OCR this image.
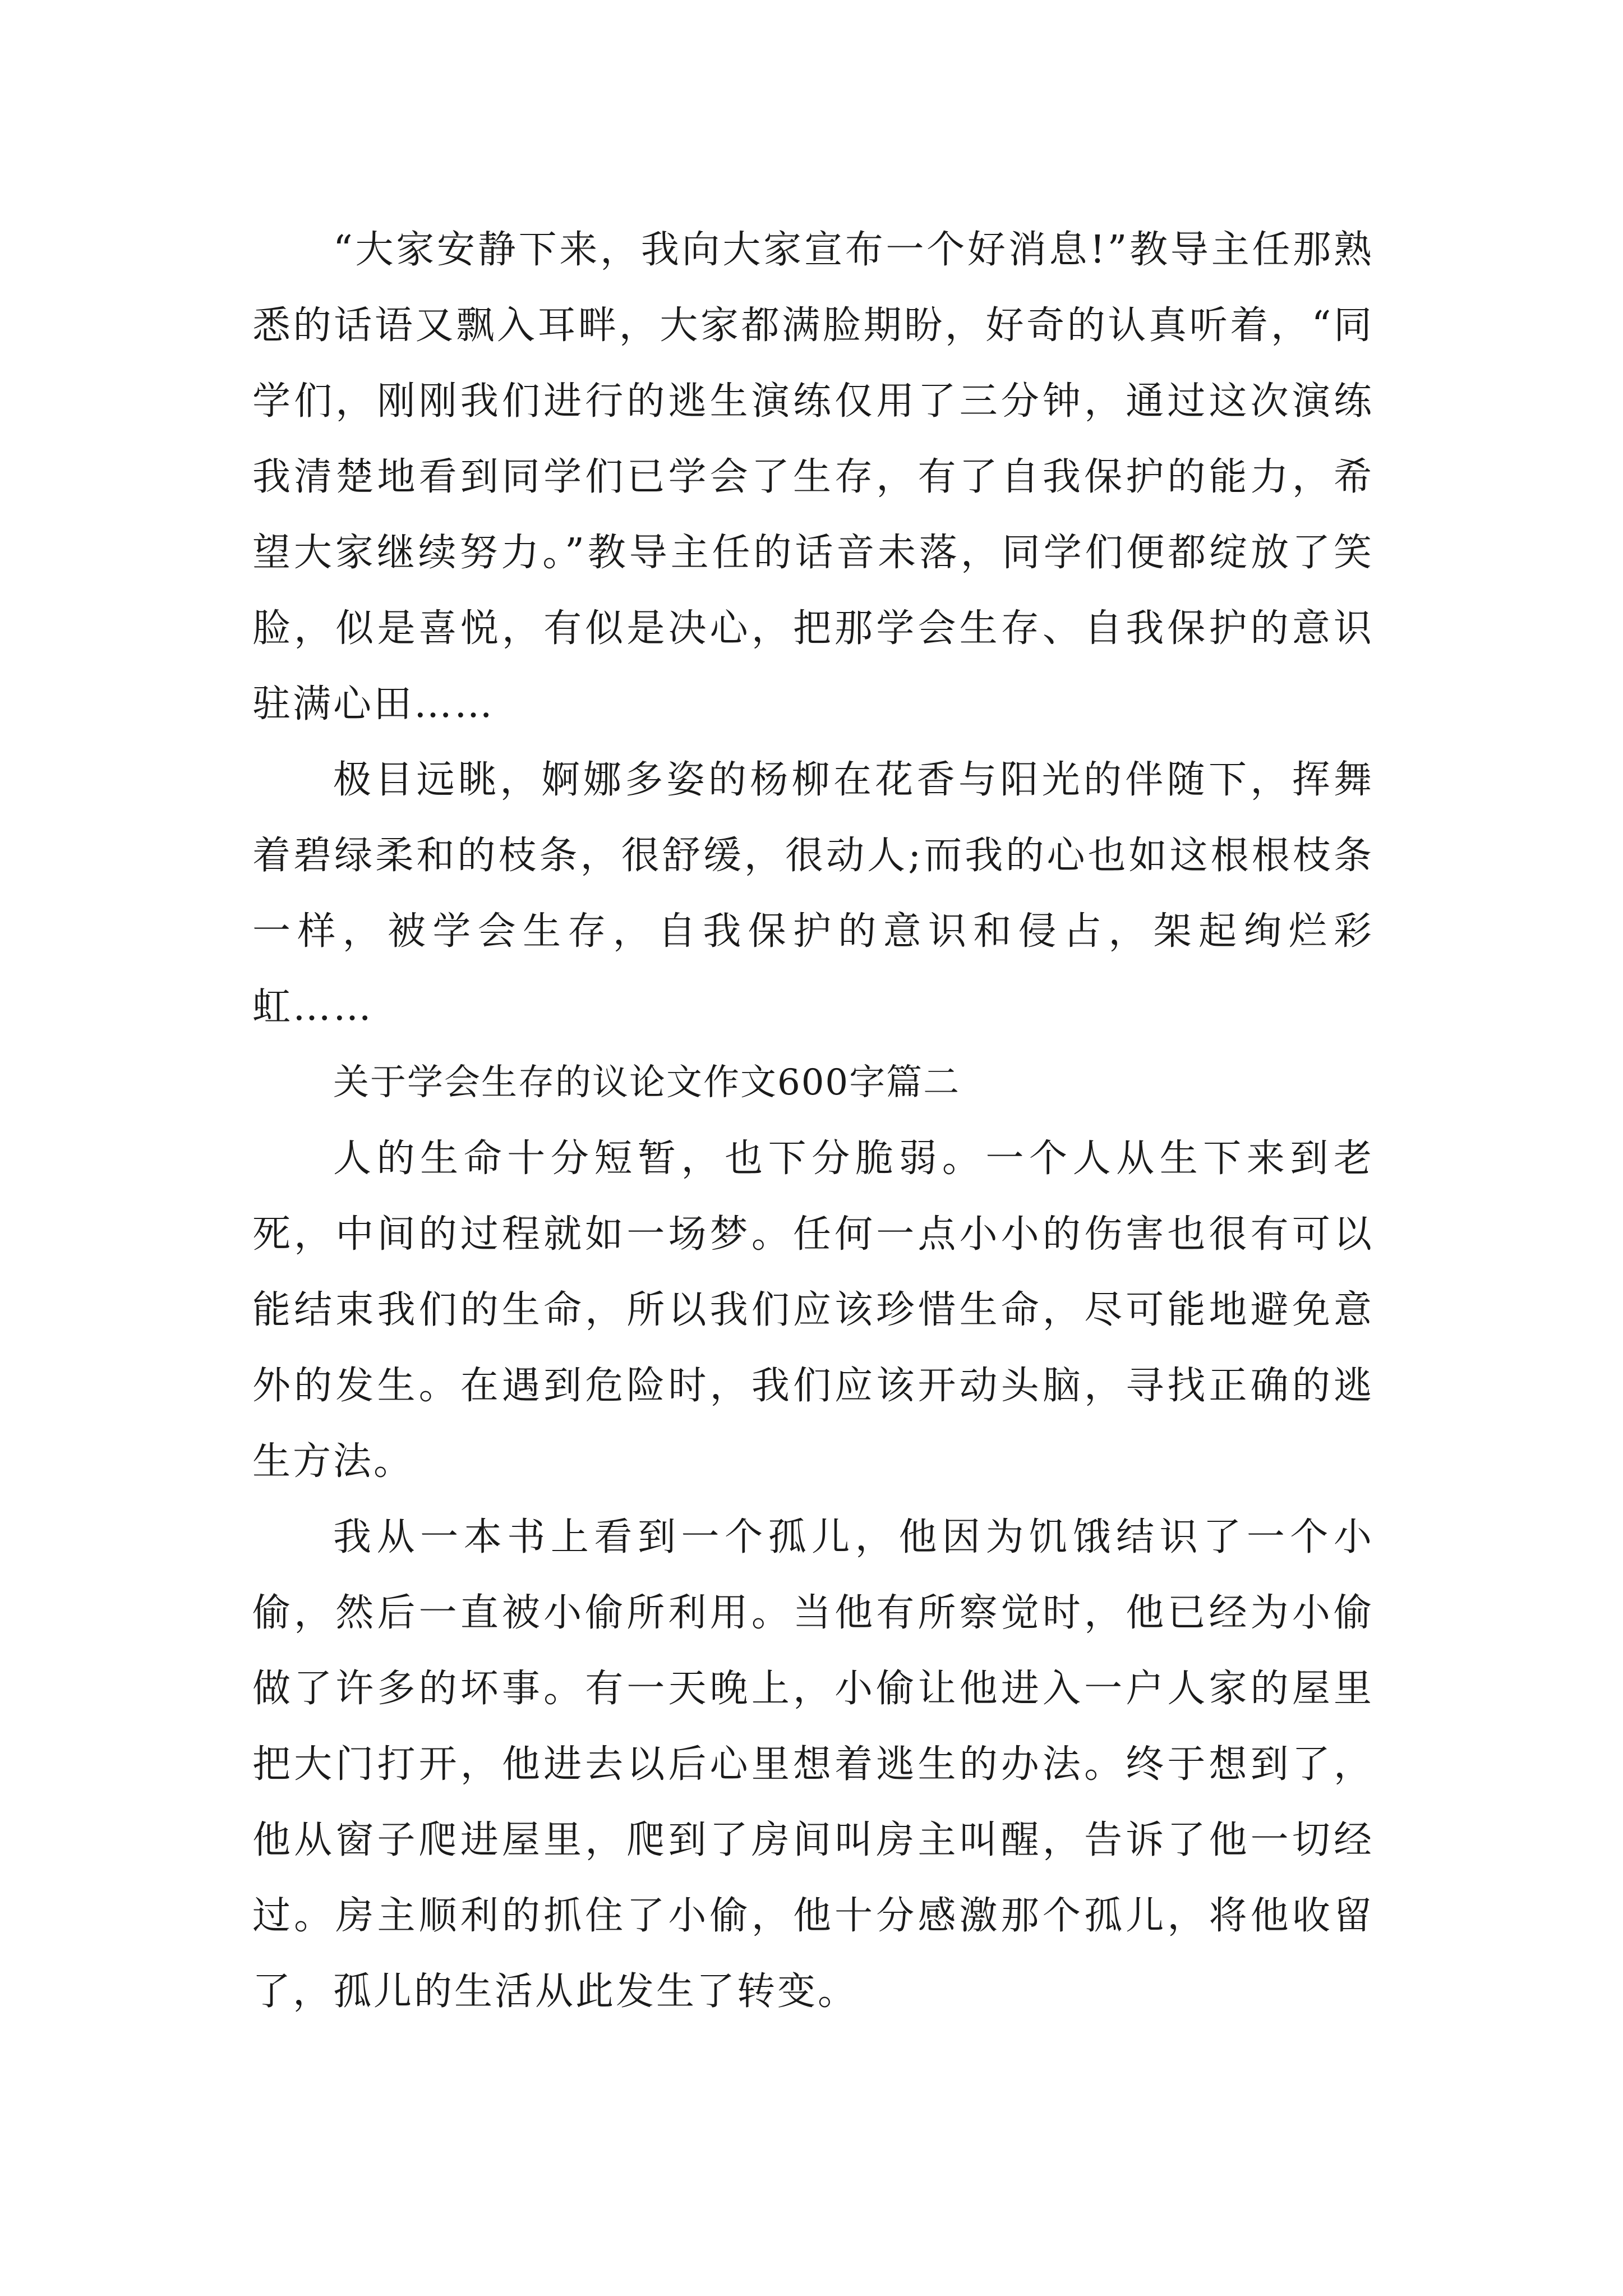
“大家安静下来，我向大家宣布一个好消息!”教导主任那熟悉的话语又飘入耳畔，大家都满脸期盼，好奇的认真听着，“同学们，刚刚我们进行的逃生演练仅用了三分钟，通过这次演练我清楚地看到同学们已学会了生存，有了自我保护的能力，希望大家继续努力。”教导主任的话音未落，同学们便都绽放了笑脸，似是喜悦，有似是决心，把那学会生存、自我保护的意识驻满心田……

极目远眺，婀娜多姿的杨柳在花香与阳光的伴随下，挥舞着碧绿柔和的枝条，很舒缓，很动人;而我的心也如这根根枝条一样，被学会生存，自我保护的意识和侵占，架起绚烂彩虹……

关于学会生存的议论文作文600字篇二

人的生命十分短暂，也下分脆弱。一个人从生下来到老死，中间的过程就如一场梦。任何一点小小的伤害也很有可以能结束我们的生命，所以我们应该珍惜生命，尽可能地避免意外的发生。在遇到危险时，我们应该开动头脑，寻找正确的逃生方法。

我从一本书上看到一个孤儿，他因为饥饿结识了一个小偷，然后一直被小偷所利用。当他有所察觉时，他已经为小偷做了许多的坏事。有一天晚上，小偷让他进入一户人家的屋里把大门打开，他进去以后心里想着逃生的办法。终于想到了，他从窗子爬进屋里，爬到了房间叫房主叫醒，告诉了他一切经过。房主顺利的抓住了小偷，他十分感激那个孤儿，将他收留了，孤儿的生活从此发生了转变。
